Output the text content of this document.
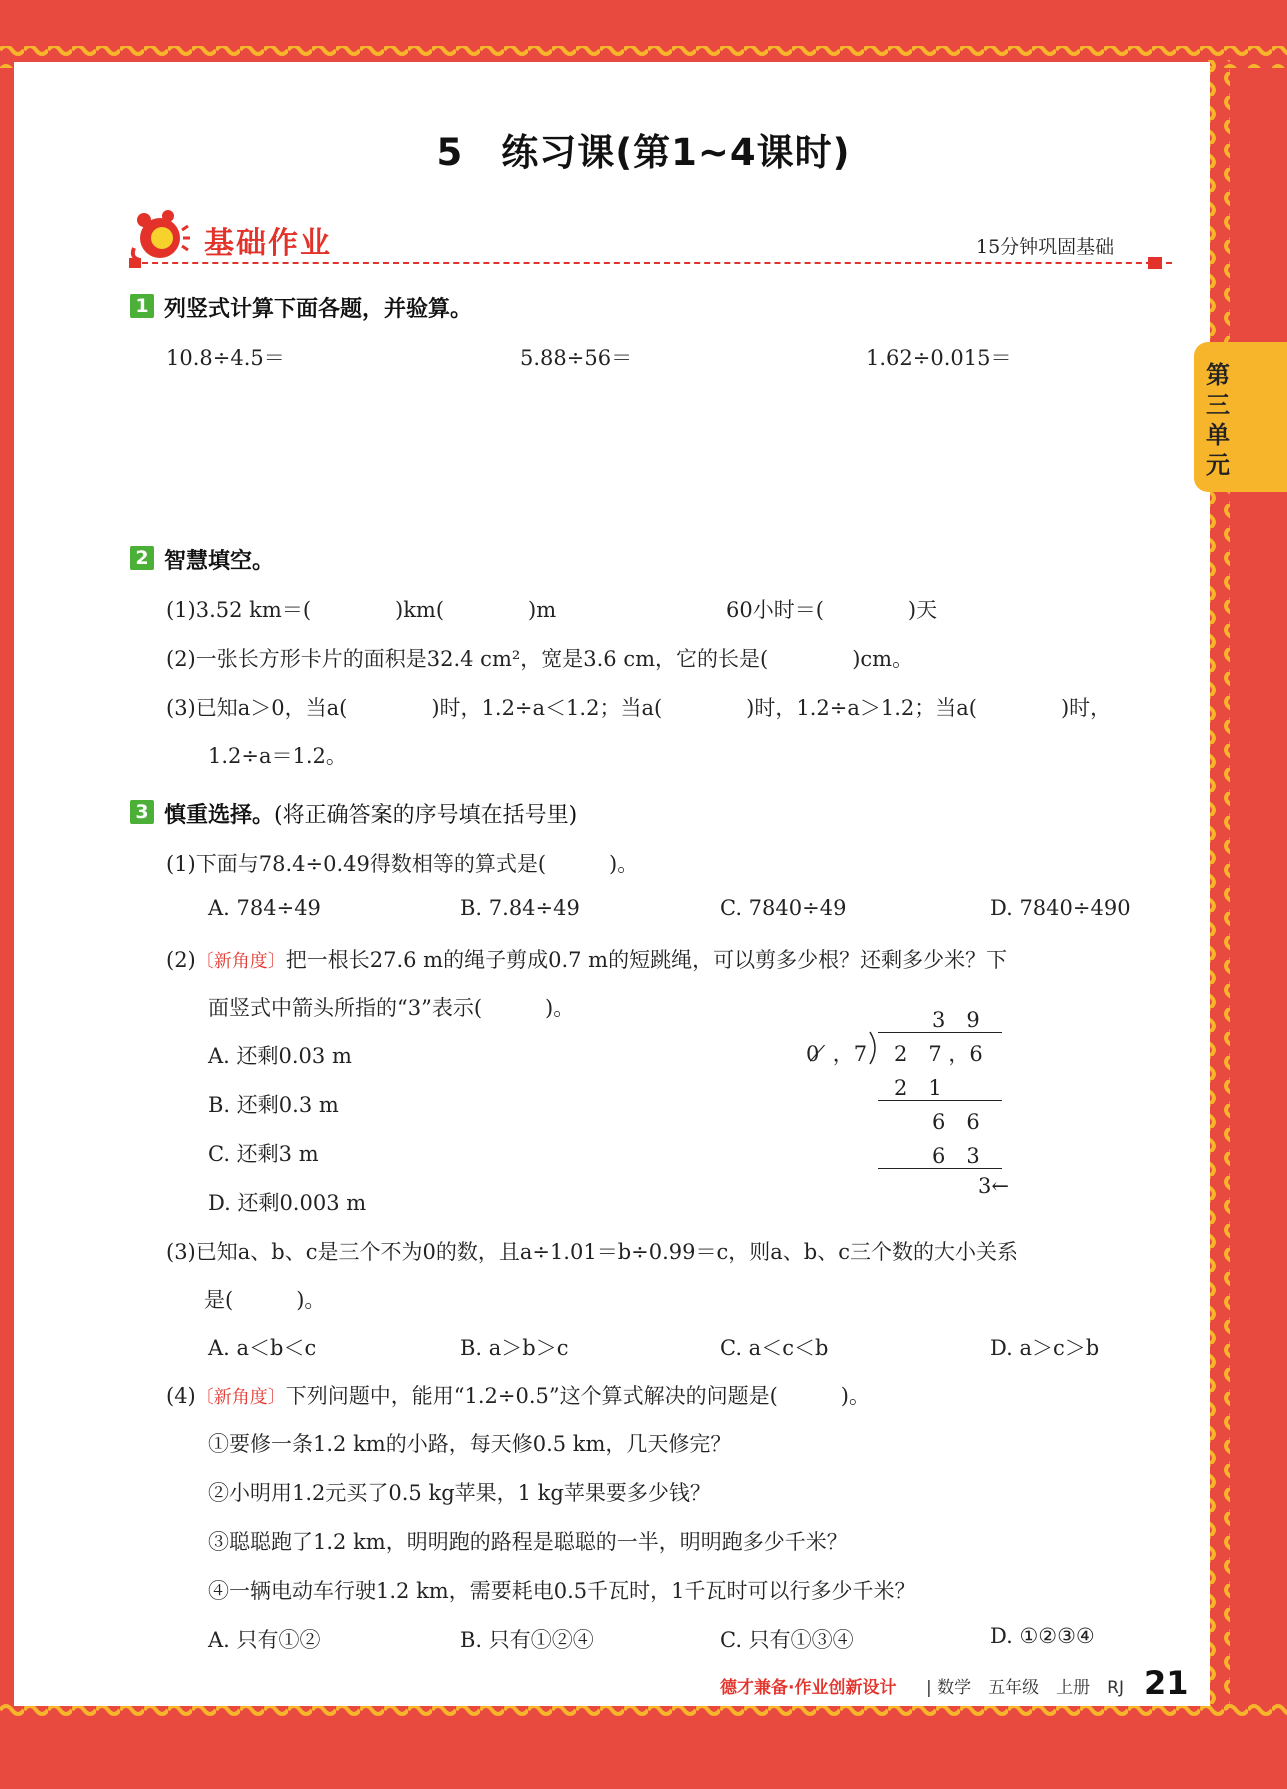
5　练习课(第1~4课时)
基础作业	15分钟巩固基础
第三单元
1 列竖式计算下面各题，并验算。
10.8÷4.5＝	5.88÷56＝	1.62÷0.015＝
2 智慧填空。
(1)3.52 km＝(　　　　)km(　　　　)m	60小时＝(　　　　)天
(2)一张长方形卡片的面积是32.4 cm²，宽是3.6 cm，它的长是(　　　　)cm。
(3)已知a＞0，当a(　　　　)时，1.2÷a＜1.2；当a(　　　　)时，1.2÷a＞1.2；当a(　　　　)时，
1.2÷a＝1.2。
3 慎重选择。(将正确答案的序号填在括号里)
(1)下面与78.4÷0.49得数相等的算式是(　　　)。
A. 784÷49	B. 7.84÷49	C. 7840÷49	D. 7840÷490
(2)〔新角度〕把一根长27.6 m的绳子剪成0.7 m的短跳绳，可以剪多少根？还剩多少米？下
面竖式中箭头所指的“3”表示(　　　)。
A. 还剩0.03 m
B. 还剩0.3 m
C. 还剩3 m
D. 还剩0.003 m
3　9
0 ̸ ，7 2　7 ，6
2　1
6　6
6　3
3←
(3)已知a、b、c是三个不为0的数，且a÷1.01＝b÷0.99＝c，则a、b、c三个数的大小关系
是(　　　)。
A. a＜b＜c	B. a＞b＞c	C. a＜c＜b	D. a＞c＞b
(4)〔新角度〕下列问题中，能用“1.2÷0.5”这个算式解决的问题是(　　　)。
①要修一条1.2 km的小路，每天修0.5 km，几天修完？
②小明用1.2元买了0.5 kg苹果，1 kg苹果要多少钱？
③聪聪跑了1.2 km，明明跑的路程是聪聪的一半，明明跑多少千米？
④一辆电动车行驶1.2 km，需要耗电0.5千瓦时，1千瓦时可以行多少千米？
A. 只有①②	B. 只有①②④	C. 只有①③④	D. ①②③④
德才兼备·作业创新设计 | 数学　五年级　上册　RJ 21
